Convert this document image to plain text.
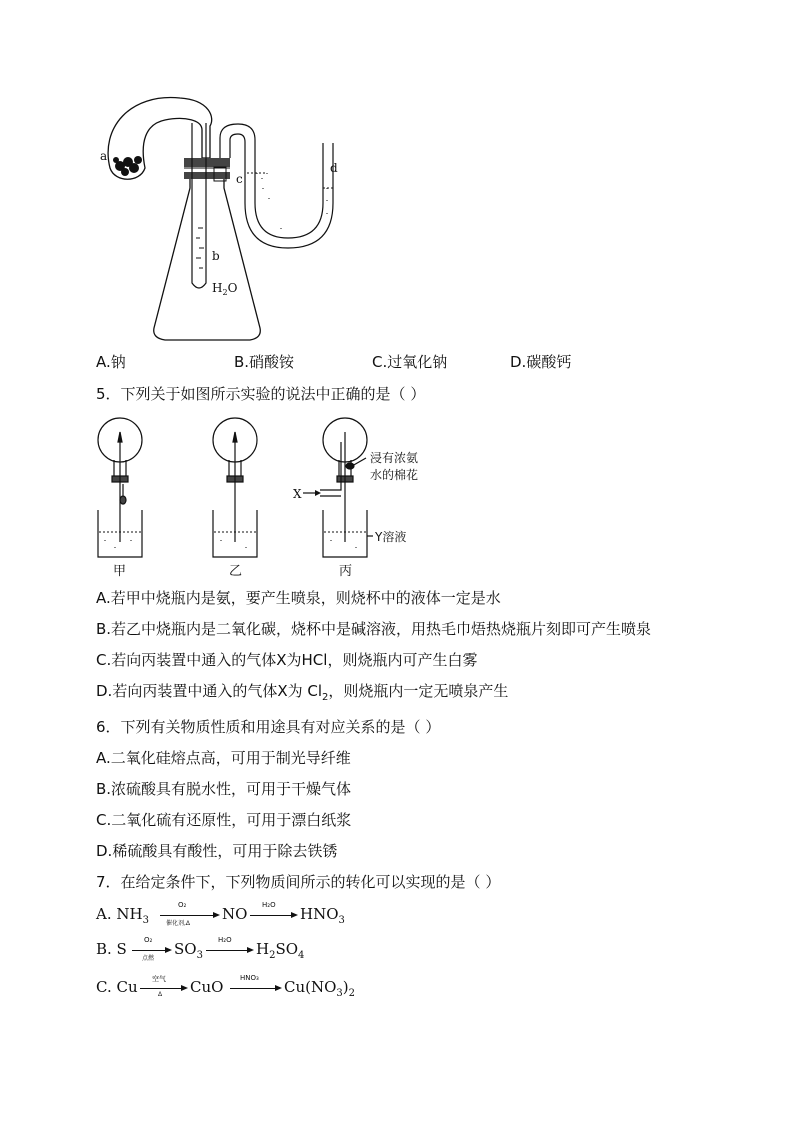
a
c
b
d
$H_2O$
A.钠	B.硝酸铵	C.过氧化钠	D.碳酸钙
5．下列关于如图所示实验的说法中正确的是（ ）
甲	乙	丙
浸有浓氨
水的棉花
X
Y溶液
A.若甲中烧瓶内是氨，要产生喷泉，则烧杯中的液体一定是水
B.若乙中烧瓶内是二氧化碳，烧杯中是碱溶液，用热毛巾焐热烧瓶片刻即可产生喷泉
C.若向丙装置中通入的气体X为HCl，则烧瓶内可产生白雾
D.若向丙装置中通入的气体X为 $Cl_2$，则烧瓶内一定无喷泉产生
6．下列有关物质性质和用途具有对应关系的是（ ）
A.二氧化硅熔点高，可用于制光导纤维
B.浓硫酸具有脱水性，可用于干燥气体
C.二氧化硫有还原性，可用于漂白纸浆
D.稀硫酸具有酸性，可用于除去铁锈
7．在给定条件下，下列物质间所示的转化可以实现的是（ ）
A. $NH_3$
O₂
催化剂,Δ
NO H₂O $HNO_3$
B. S O₂
点燃
$SO_3$
H₂O $H_2SO_4$
C. Cu 空气
Δ CuO HNO₃ $Cu(NO_3)_2$
